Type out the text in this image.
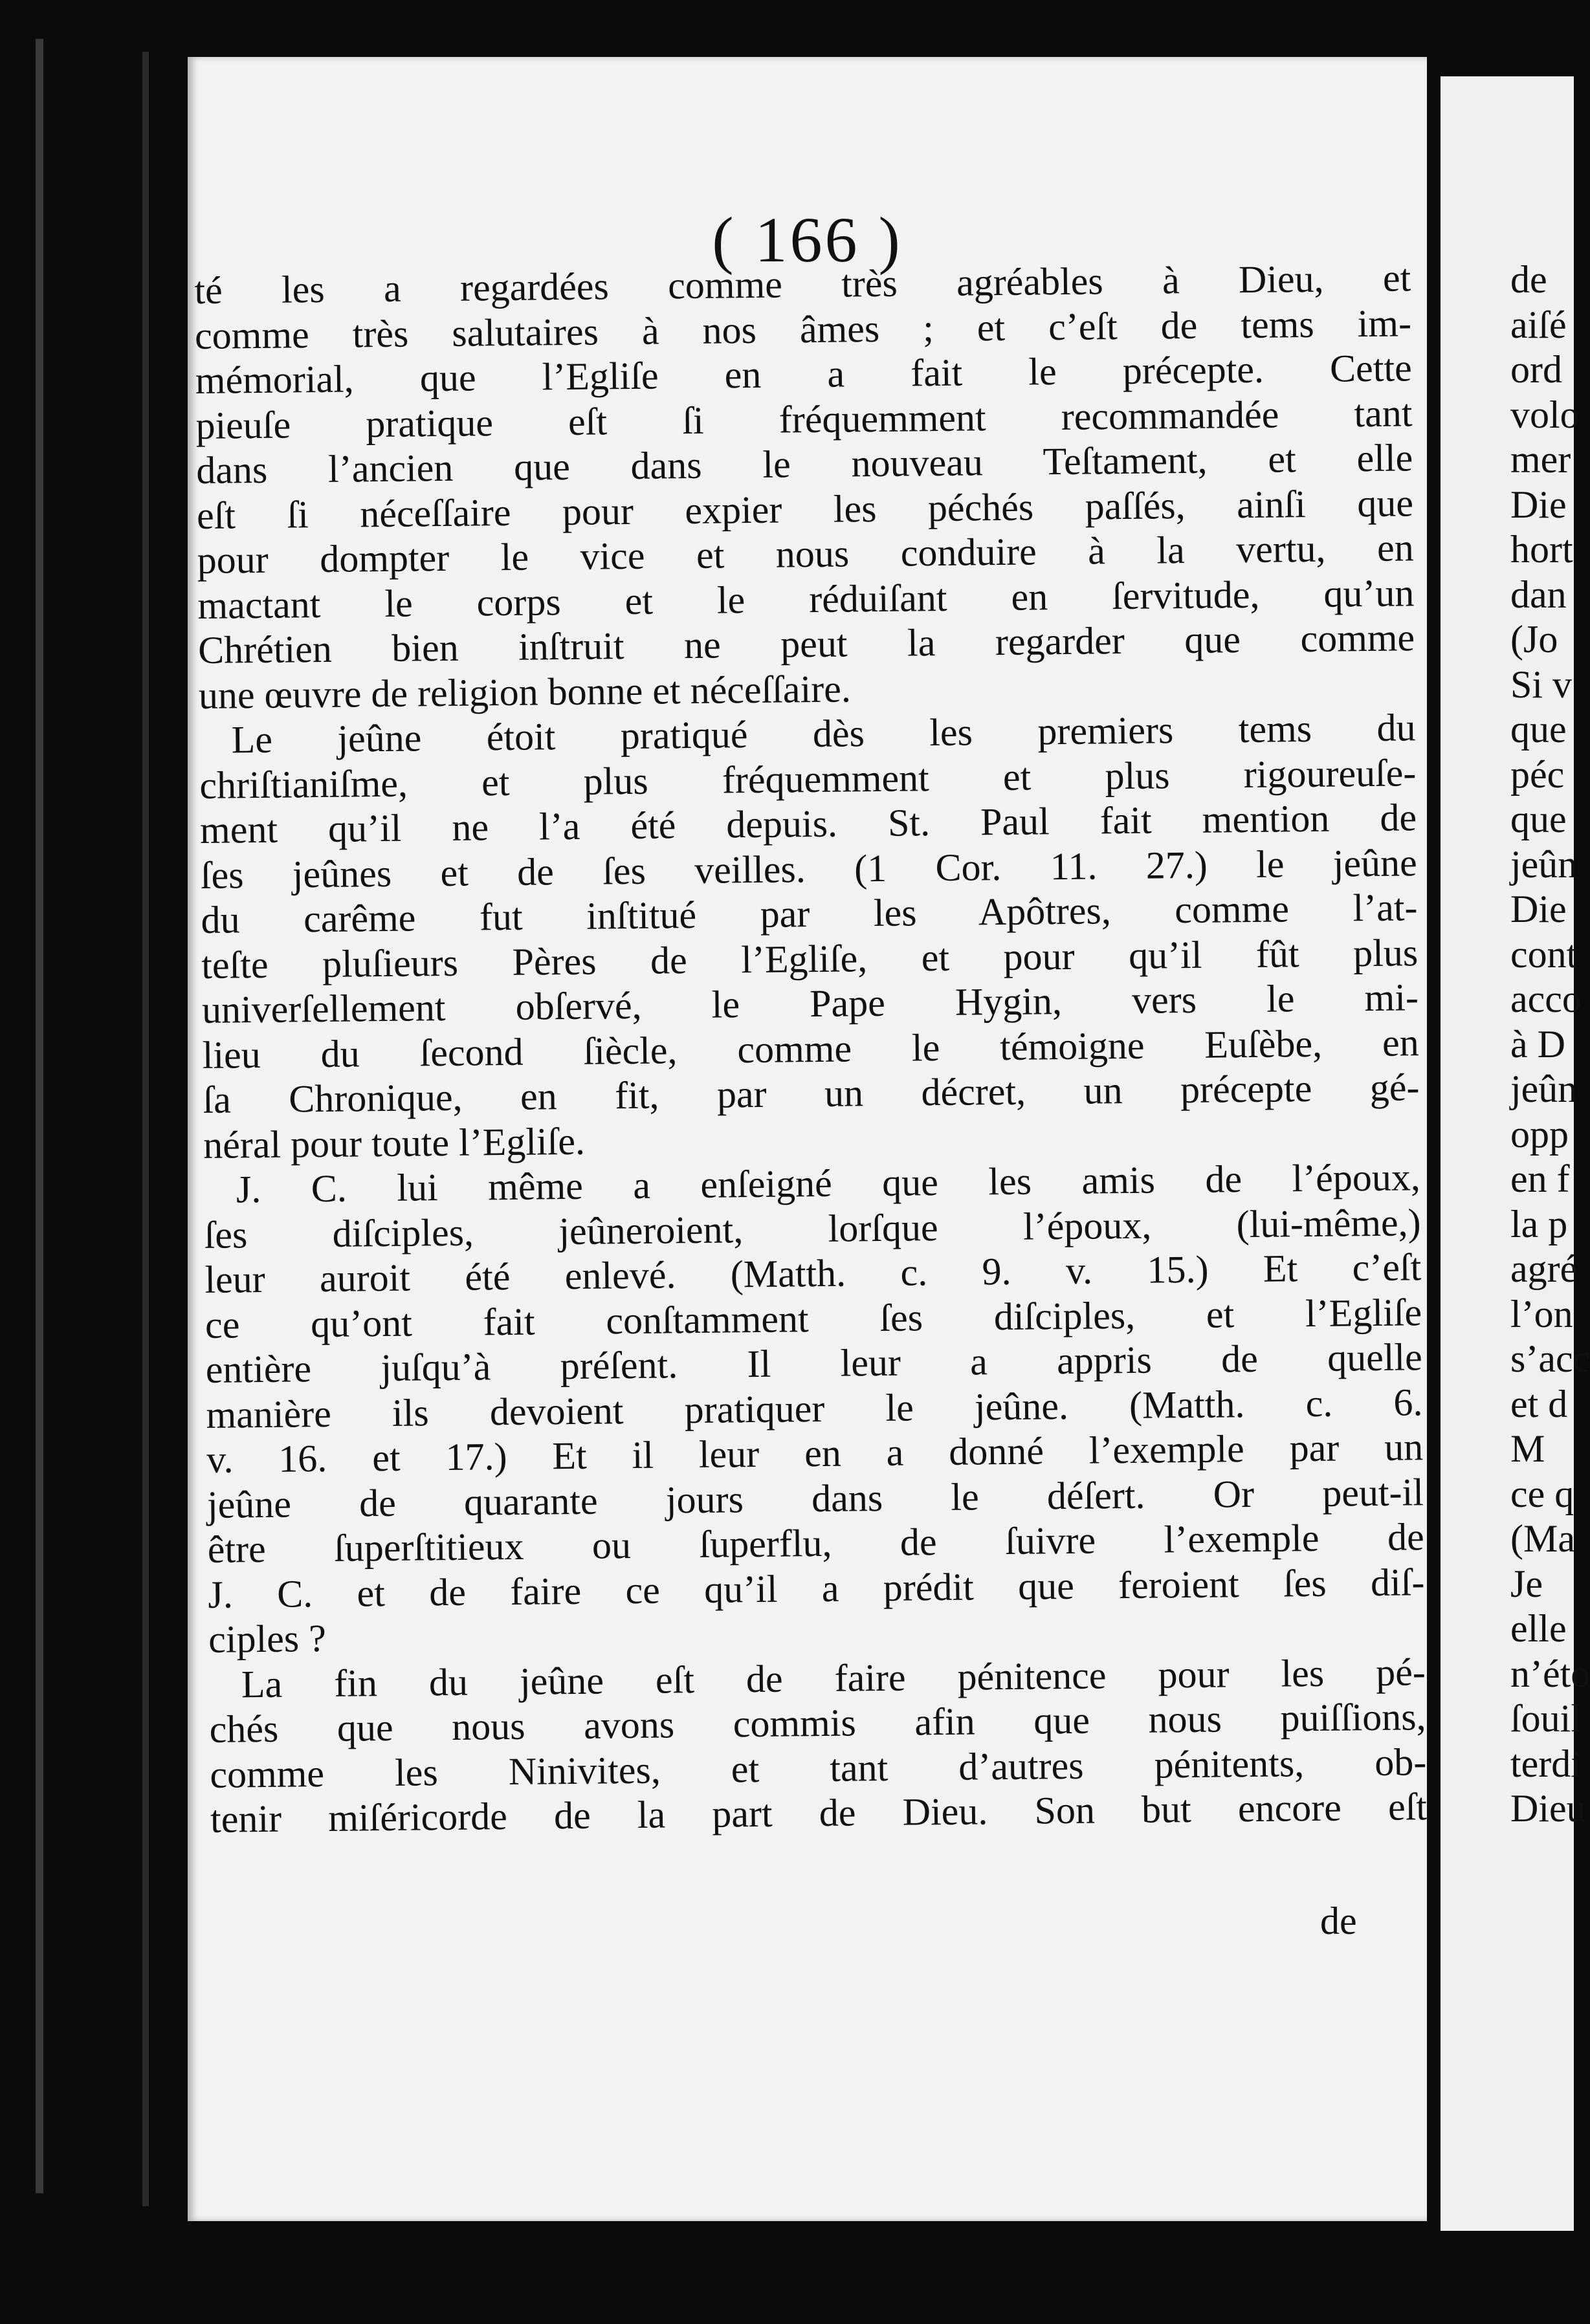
( 166 )
té les a regardées comme très agréables à Dieu, et
comme très salutaires à nos âmes ; et c’eſt de tems im-
mémorial, que l’Egliſe en a fait le précepte. Cette
pieuſe pratique eſt ſi fréquemment recommandée tant
dans l’ancien que dans le nouveau Teſtament, et elle
eſt ſi néceſſaire pour expier les péchés paſſés, ainſi que
pour dompter le vice et nous conduire à la vertu, en
mactant le corps et le réduiſant en ſervitude, qu’un
Chrétien bien inſtruit ne peut la regarder que comme
une œuvre de religion bonne et néceſſaire.
Le jeûne étoit pratiqué dès les premiers tems du
chriſtianiſme, et plus fréquemment et plus rigoureuſe-
ment qu’il ne l’a été depuis. St. Paul fait mention de
ſes jeûnes et de ſes veilles. (1 Cor. 11. 27.) le jeûne
du carême fut inſtitué par les Apôtres, comme l’at-
teſte pluſieurs Pères de l’Egliſe, et pour qu’il fût plus
univerſellement obſervé, le Pape Hygin, vers le mi-
lieu du ſecond ſiècle, comme le témoigne Euſèbe, en
ſa Chronique, en fit, par un décret, un précepte gé-
néral pour toute l’Egliſe.
J. C. lui même a enſeigné que les amis de l’époux,
ſes diſciples, jeûneroient, lorſque l’époux, (lui-même,)
leur auroit été enlevé. (Matth. c. 9. v. 15.) Et c’eſt
ce qu’ont fait conſtamment ſes diſciples, et l’Egliſe
entière juſqu’à préſent. Il leur a appris de quelle
manière ils devoient pratiquer le jeûne. (Matth. c. 6.
v. 16. et 17.) Et il leur en a donné l’exemple par un
jeûne de quarante jours dans le déſert. Or peut-il
être ſuperſtitieux ou ſuperflu, de ſuivre l’exemple de
J. C. et de faire ce qu’il a prédit que feroient ſes diſ-
ciples ?
La fin du jeûne eſt de faire pénitence pour les pé-
chés que nous avons commis afin que nous puiſſions,
comme les Ninivites, et tant d’autres pénitents, ob-
tenir miſéricorde de la part de Dieu. Son but encore eſt
de
de
aiſé
ord
volo
mer
Die
hort
dan
(Jo
Si v
que
péc
que
jeûn
Die
cont
acco
à D
jeûn
opp
en f
la p
agré
l’on
s’acc
et d
M
ce q
(Ma
Je
elle
n’éto
ſouil
terdi
Dieu
